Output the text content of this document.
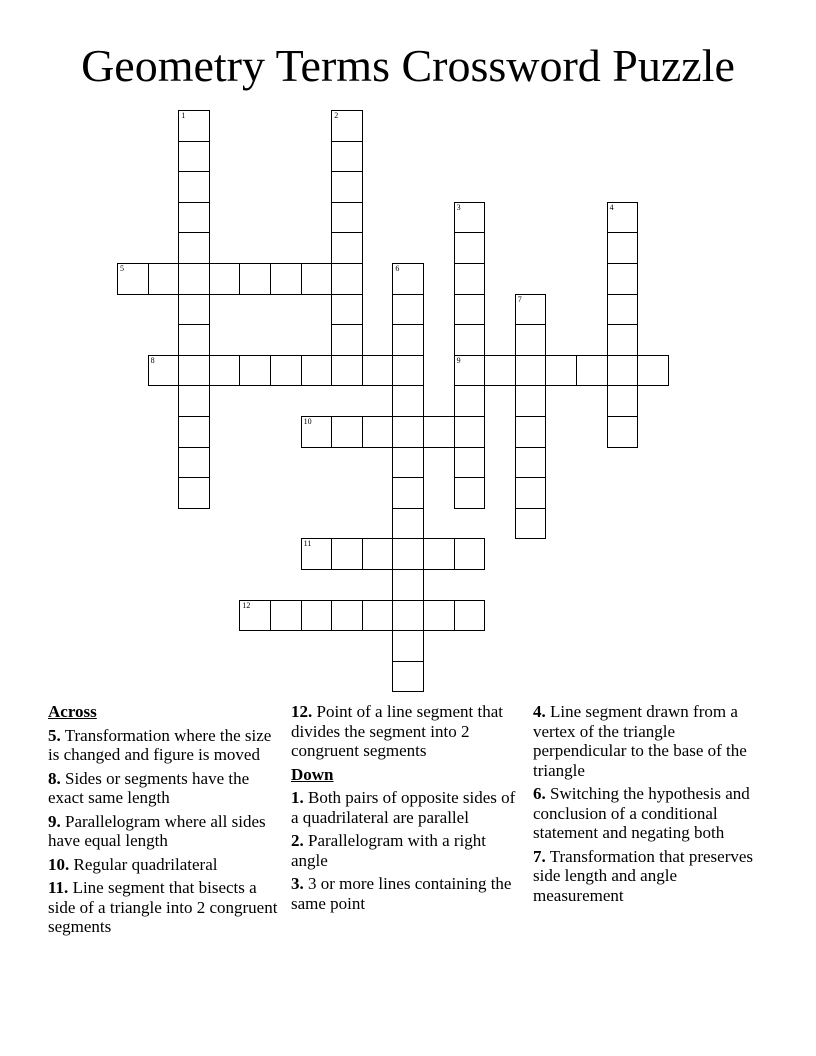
Geometry Terms Crossword Puzzle
1	2
3
9
4
5	6
7
8
10
11
12
Across

5. Transformation where the size is changed and figure is moved

8. Sides or segments have the exact same length

9. Parallelogram where all sides have equal length

10. Regular quadrilateral

11. Line segment that bisects a side of a triangle into 2 congruent segments

12. Point of a line segment that divides the segment into 2 congruent segments

Down

1. Both pairs of opposite sides of a quadrilateral are parallel

2. Parallelogram with a right angle

3. 3 or more lines containing the same point

4. Line segment drawn from a vertex of the triangle perpendicular to the base of the triangle

6. Switching the hypothesis and conclusion of a conditional statement and negating both

7. Transformation that preserves side length and angle measurement
